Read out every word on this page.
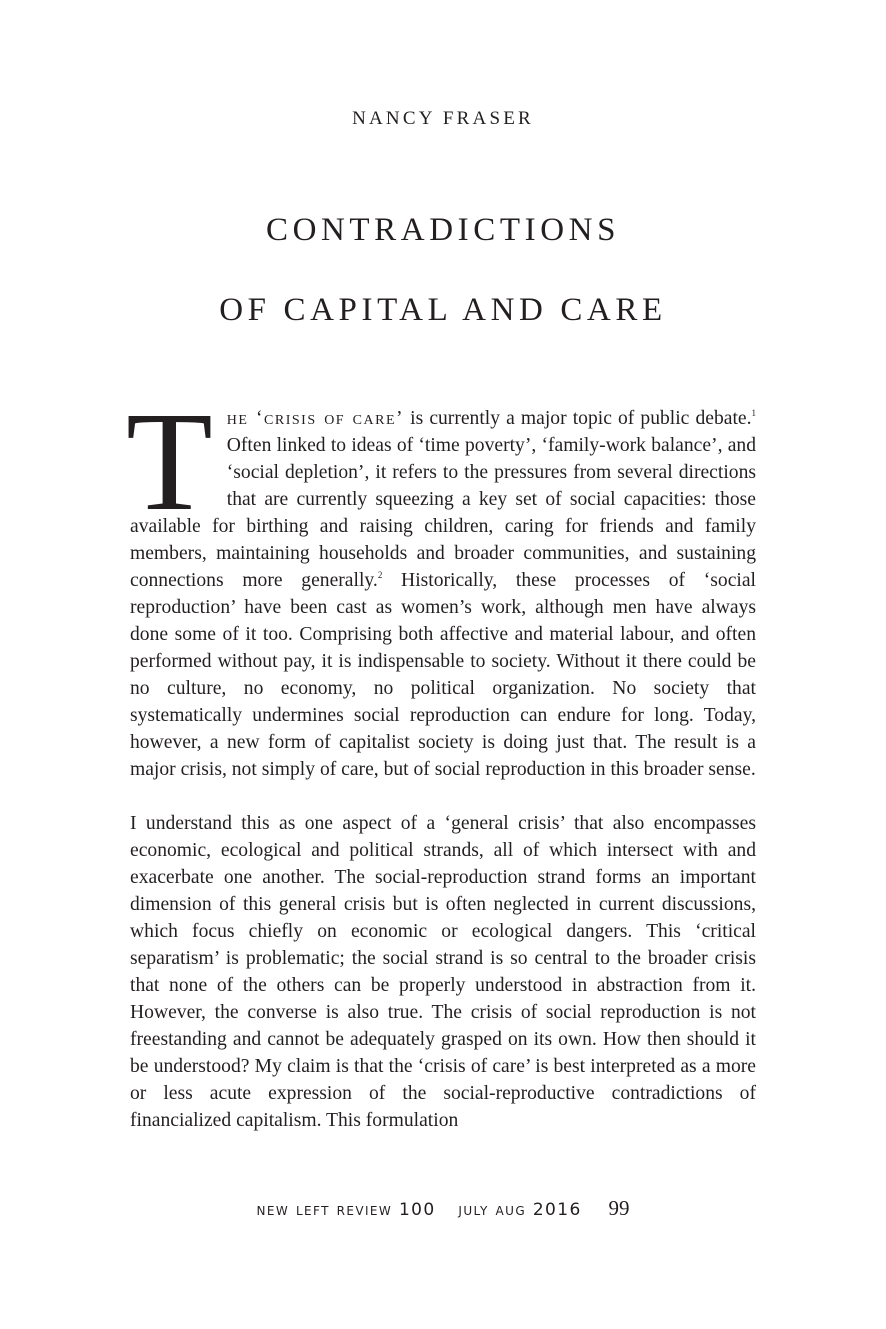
NANCY FRASER
CONTRADICTIONS
OF CAPITAL AND CARE

The ‘crisis of care’ is currently a major topic of public debate.$^1$ Often linked to ideas of ‘time poverty’, ‘family-work balance’, and ‘social depletion’, it refers to the pressures from several directions that are currently squeezing a key set of social capacities: those available for birthing and raising children, caring for friends and family members, maintaining households and broader communities, and sustaining connections more generally.$^2$ Historically, these processes of ‘social reproduction’ have been cast as women’s work, although men have always done some of it too. Comprising both affective and material labour, and often performed without pay, it is indispensable to society. Without it there could be no culture, no economy, no political organization. No society that systematically undermines social reproduction can endure for long. Today, however, a new form of capitalist society is doing just that. The result is a major crisis, not simply of care, but of social reproduction in this broader sense.

I understand this as one aspect of a ‘general crisis’ that also encompasses economic, ecological and political strands, all of which intersect with and exacerbate one another. The social-reproduction strand forms an important dimension of this general crisis but is often neglected in current discussions, which focus chiefly on economic or ecological dangers. This ‘critical separatism’ is problematic; the social strand is so central to the broader crisis that none of the others can be properly understood in abstraction from it. However, the converse is also true. The crisis of social reproduction is not freestanding and cannot be adequately grasped on its own. How then should it be understood? My claim is that the ‘crisis of care’ is best interpreted as a more or less acute expression of the social-reproductive contradictions of financialized capitalism. This formulation

new left review 100 july aug 2016 99
